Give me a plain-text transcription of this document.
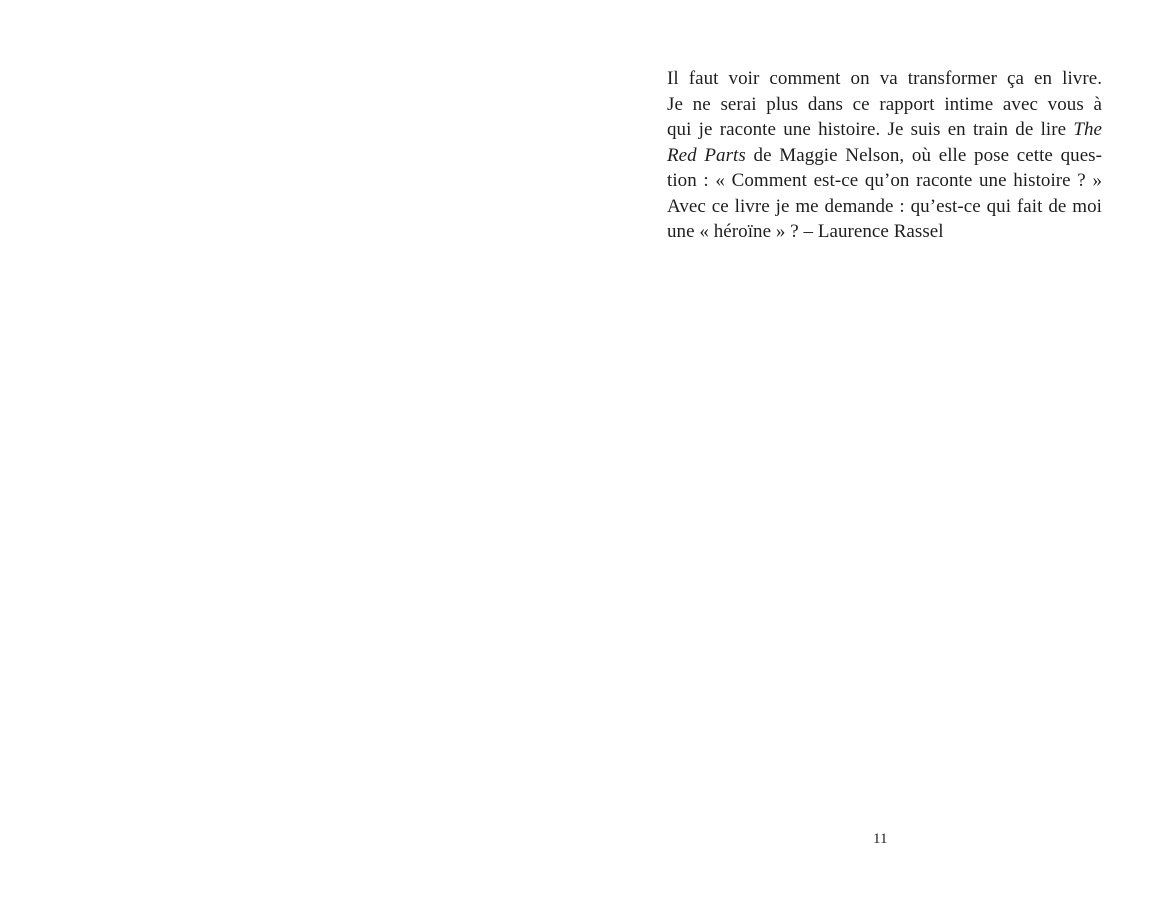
Il faut voir comment on va transformer ça en livre.
Je ne serai plus dans ce rapport intime avec vous à
qui je raconte une histoire. Je suis en train de lire The
Red Parts de Maggie Nelson, où elle pose cette ques-
tion : « Comment est-ce qu’on raconte une histoire ? »
Avec ce livre je me demande : qu’est-ce qui fait de moi
une « héroïne » ? – Laurence Rassel
11
